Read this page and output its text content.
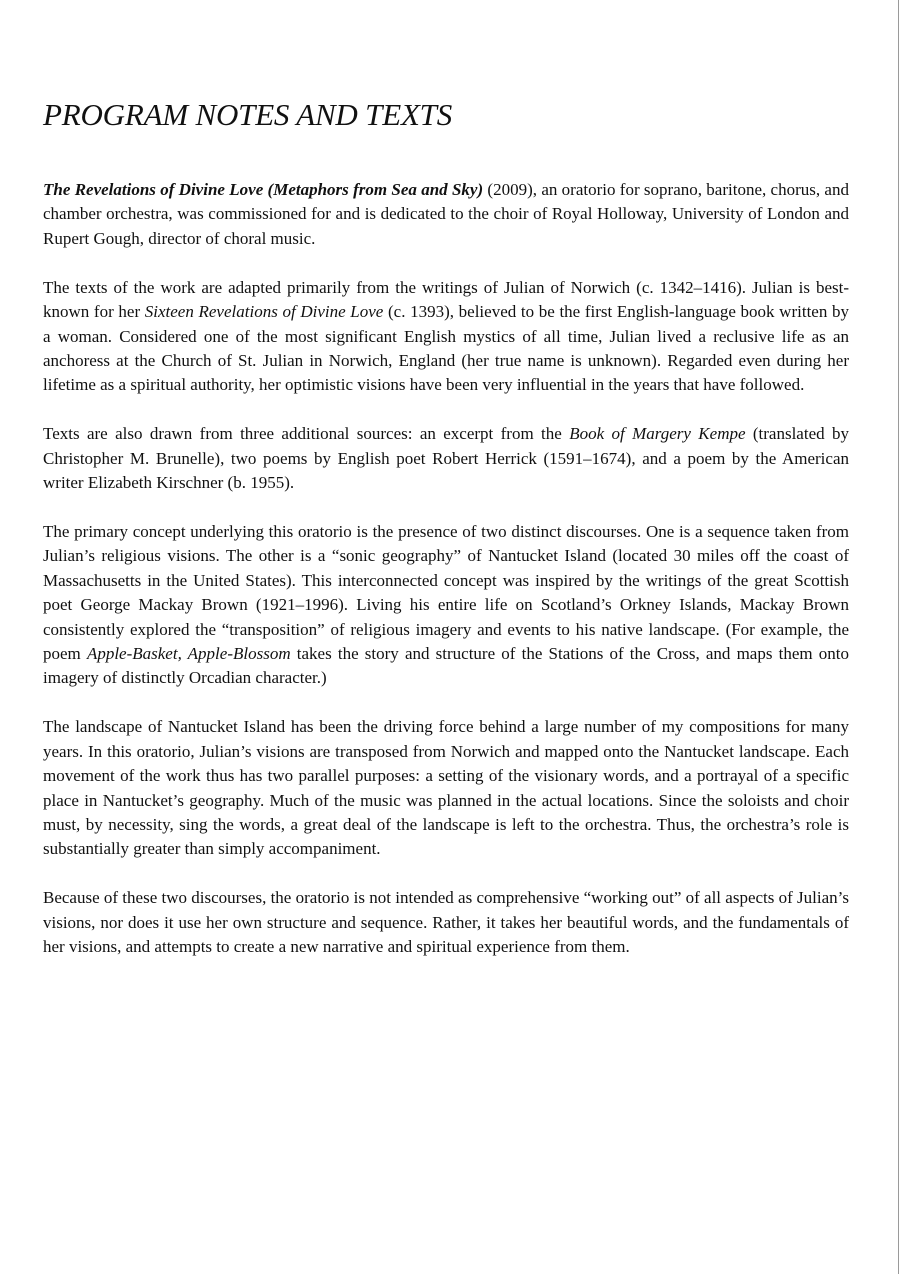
PROGRAM NOTES AND TEXTS

The Revelations of Divine Love (Metaphors from Sea and Sky) (2009), an oratorio for soprano, baritone, chorus, and chamber orchestra, was commissioned for and is dedicated to the choir of Royal Holloway, University of London and Rupert Gough, director of choral music.

The texts of the work are adapted primarily from the writings of Julian of Norwich (c. 1342–1416). Julian is best-known for her Sixteen Revelations of Divine Love (c. 1393), believed to be the first English-language book written by a woman. Considered one of the most significant English mystics of all time, Julian lived a reclusive life as an anchoress at the Church of St. Julian in Norwich, England (her true name is unknown). Regarded even during her lifetime as a spiritual authority, her optimistic visions have been very influential in the years that have followed.

Texts are also drawn from three additional sources: an excerpt from the Book of Margery Kempe (translated by Christopher M. Brunelle), two poems by English poet Robert Herrick (1591–1674), and a poem by the American writer Elizabeth Kirschner (b. 1955).

The primary concept underlying this oratorio is the presence of two distinct discourses. One is a sequence taken from Julian’s religious visions. The other is a “sonic geography” of Nantucket Island (located 30 miles off the coast of Massachusetts in the United States). This interconnected concept was inspired by the writings of the great Scottish poet George Mackay Brown (1921–1996). Living his entire life on Scotland’s Orkney Islands, Mackay Brown consistently explored the “transposition” of religious imagery and events to his native landscape. (For example, the poem Apple-Basket, Apple-Blossom takes the story and structure of the Stations of the Cross, and maps them onto imagery of distinctly Orcadian character.)

The landscape of Nantucket Island has been the driving force behind a large number of my compositions for many years. In this oratorio, Julian’s visions are transposed from Norwich and mapped onto the Nantucket landscape. Each movement of the work thus has two parallel purposes: a setting of the visionary words, and a portrayal of a specific place in Nantucket’s geography. Much of the music was planned in the actual locations. Since the soloists and choir must, by necessity, sing the words, a great deal of the landscape is left to the orchestra. Thus, the orchestra’s role is substantially greater than simply accompaniment.

Because of these two discourses, the oratorio is not intended as comprehensive “working out” of all aspects of Julian’s visions, nor does it use her own structure and sequence. Rather, it takes her beautiful words, and the fundamentals of her visions, and attempts to create a new narrative and spiritual experience from them.
